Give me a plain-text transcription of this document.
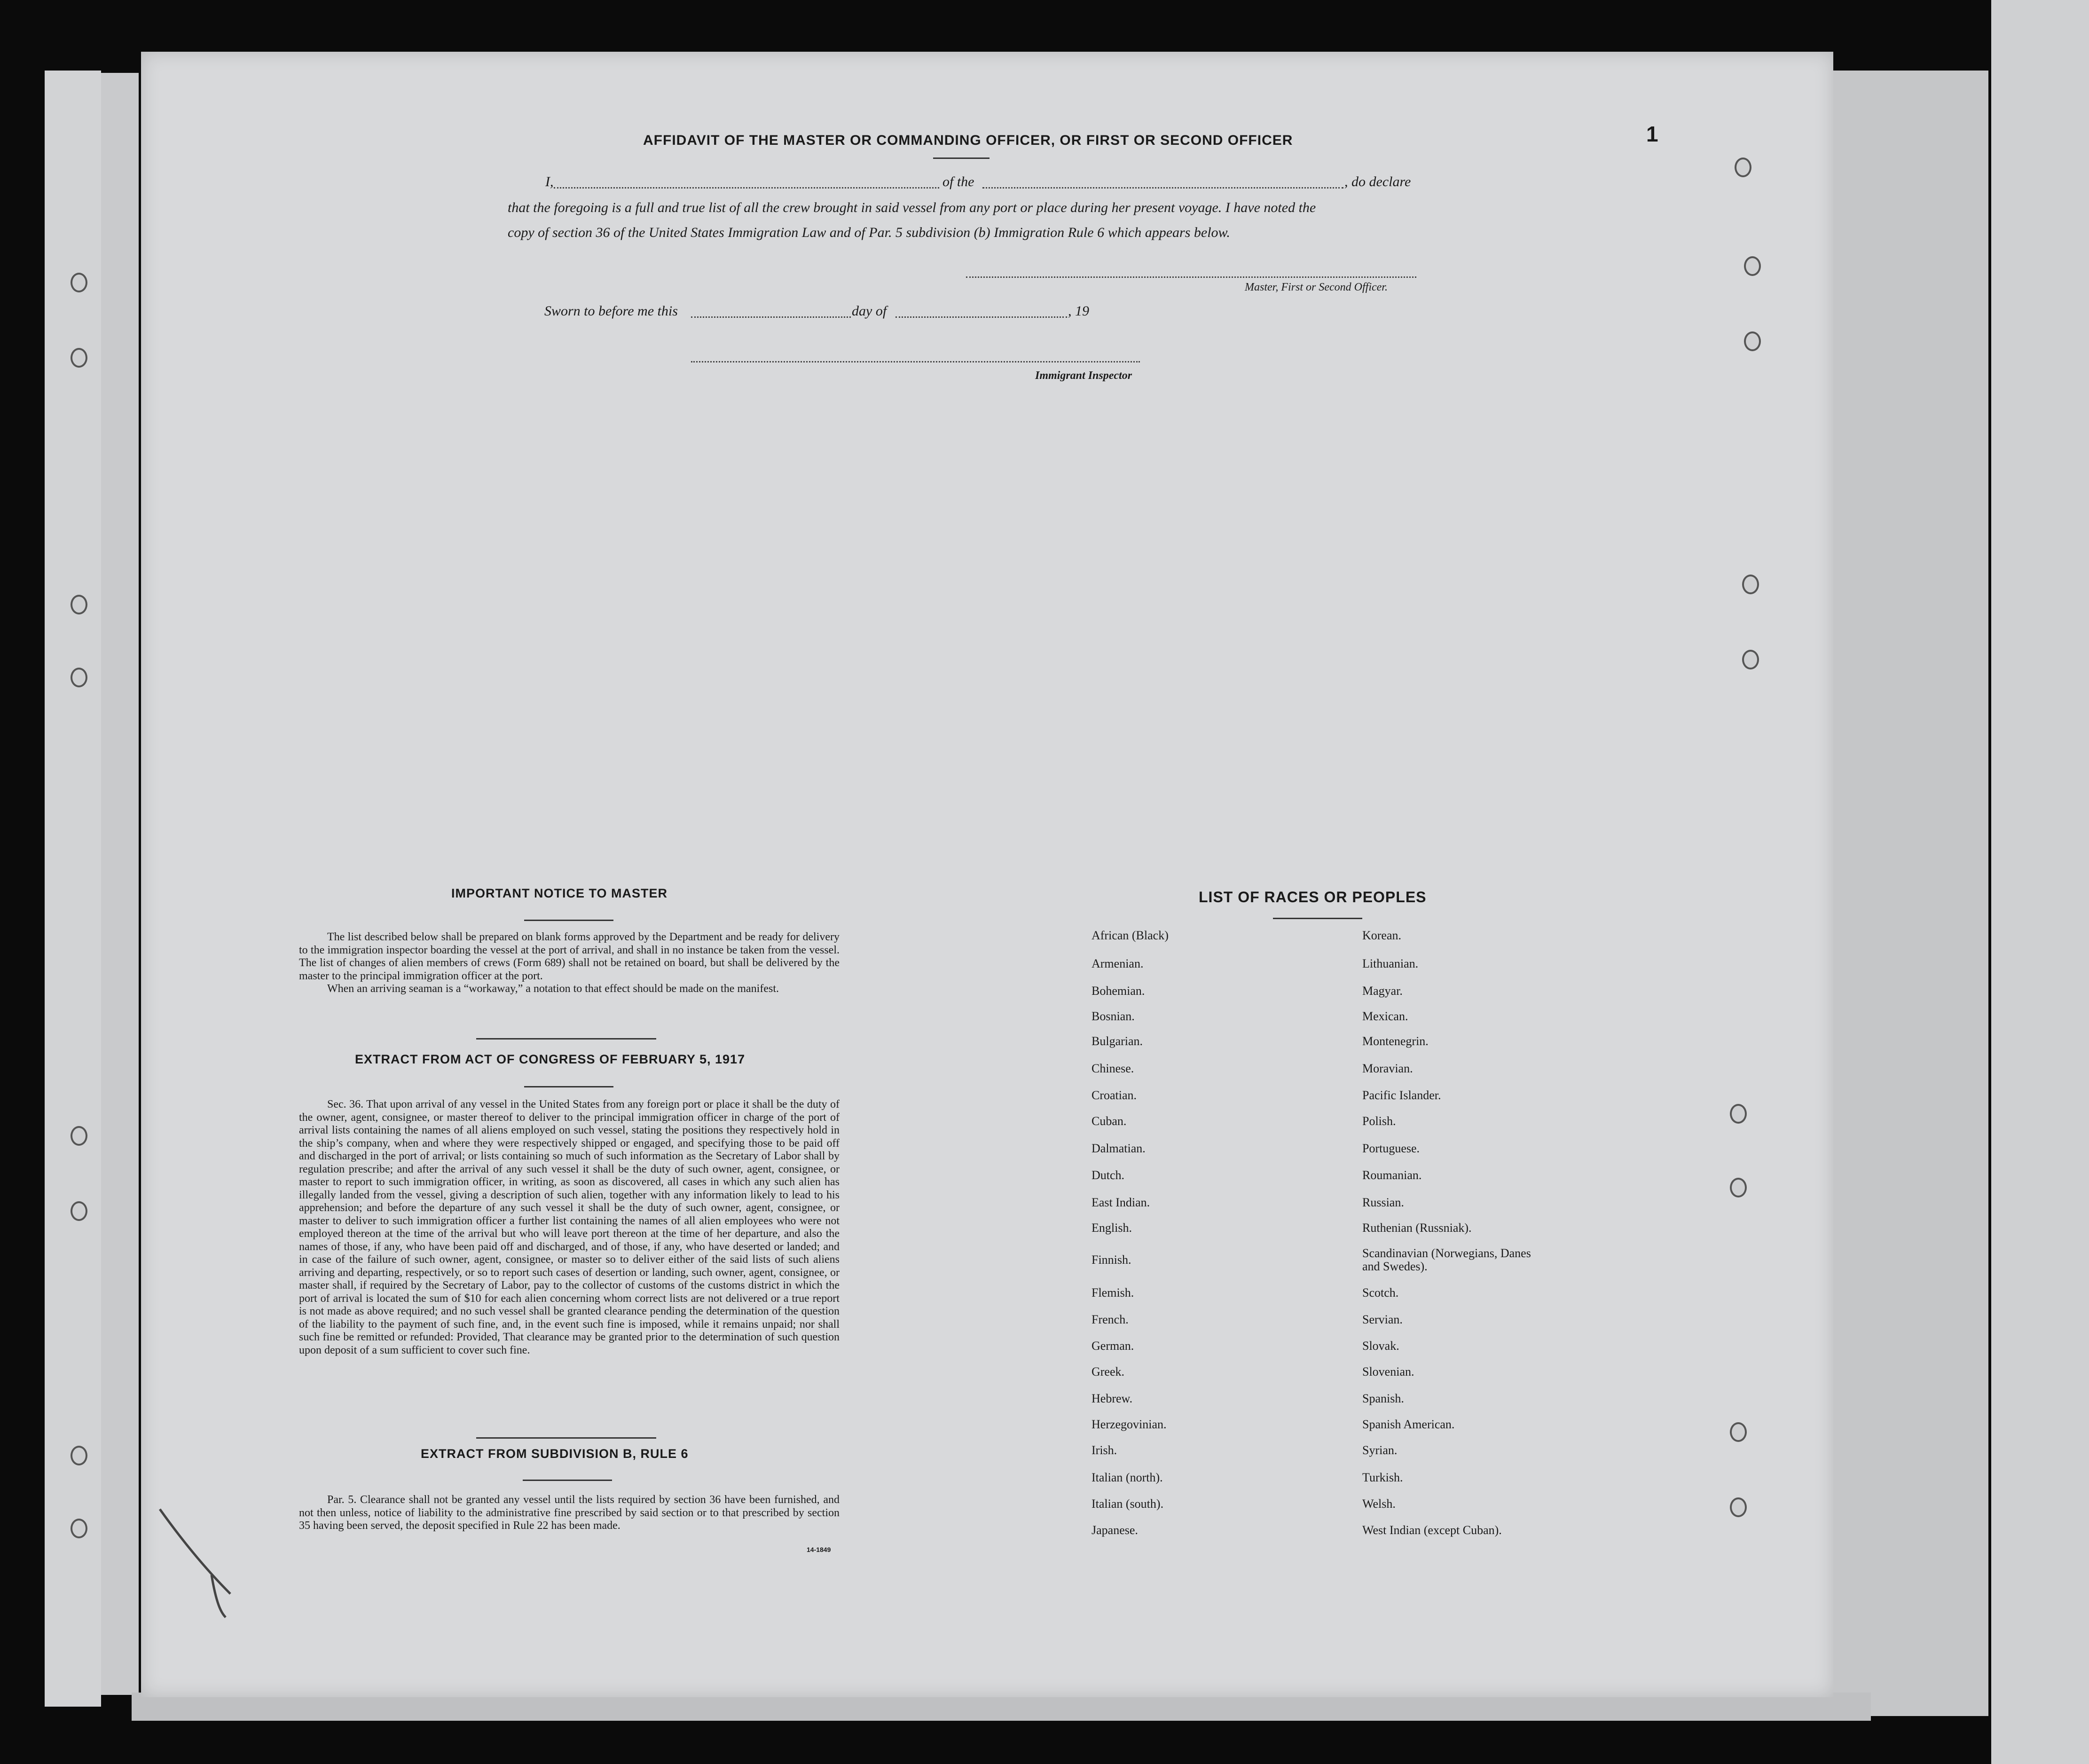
1
AFFIDAVIT OF THE MASTER OR COMMANDING OFFICER, OR FIRST OR SECOND OFFICER
I,	of the	, do declare
that the foregoing is a full and true list of all the crew brought in said vessel from any port or place during her present voyage. I have noted the
copy of section 36 of the United States Immigration Law and of Par. 5 subdivision (b) Immigration Rule 6 which appears below.
Master, First or Second Officer.
Sworn to before me this	day of	, 19
Immigrant Inspector
IMPORTANT NOTICE TO MASTER

The list described below shall be prepared on blank forms approved by the Department and be ready for delivery to the immigration inspector boarding the vessel at the port of arrival, and shall in no instance be taken from the vessel. The list of changes of alien members of crews (Form 689) shall not be retained on board, but shall be delivered by the master to the principal immigration officer at the port.

When an arriving seaman is a “workaway,” a notation to that effect should be made on the manifest.

EXTRACT FROM ACT OF CONGRESS OF FEBRUARY 5, 1917

Sec. 36. That upon arrival of any vessel in the United States from any foreign port or place it shall be the duty of the owner, agent, consignee, or master thereof to deliver to the principal immigration officer in charge of the port of arrival lists containing the names of all aliens employed on such vessel, stating the positions they respectively hold in the ship’s company, when and where they were respectively shipped or engaged, and specifying those to be paid off and discharged in the port of arrival; or lists containing so much of such information as the Secretary of Labor shall by regulation prescribe; and after the arrival of any such vessel it shall be the duty of such owner, agent, consignee, or master to report to such immigration officer, in writing, as soon as discovered, all cases in which any such alien has illegally landed from the vessel, giving a description of such alien, together with any information likely to lead to his apprehension; and before the departure of any such vessel it shall be the duty of such owner, agent, consignee, or master to deliver to such immigration officer a further list containing the names of all alien employees who were not employed thereon at the time of the arrival but who will leave port thereon at the time of her departure, and also the names of those, if any, who have been paid off and discharged, and of those, if any, who have deserted or landed; and in case of the failure of such owner, agent, consignee, or master so to deliver either of the said lists of such aliens arriving and departing, respectively, or so to report such cases of desertion or landing, such owner, agent, consignee, or master shall, if required by the Secretary of Labor, pay to the collector of customs of the customs district in which the port of arrival is located the sum of $10 for each alien concerning whom correct lists are not delivered or a true report is not made as above required; and no such vessel shall be granted clearance pending the determination of the question of the liability to the payment of such fine, and, in the event such fine is imposed, while it remains unpaid; nor shall such fine be remitted or refunded: Provided, That clearance may be granted prior to the determination of such question upon deposit of a sum sufficient to cover such fine.

EXTRACT FROM SUBDIVISION B, RULE 6

Par. 5. Clearance shall not be granted any vessel until the lists required by section 36 have been furnished, and not then unless, notice of liability to the administrative fine prescribed by said section or to that prescribed by section 35 having been served, the deposit specified in Rule 22 has been made.

14-1849
LIST OF RACES OR PEOPLES
African (Black)
Armenian.
Bohemian.
Bosnian.
Bulgarian.
Chinese.
Croatian.
Cuban.
Dalmatian.
Dutch.
East Indian.
English.
Finnish.
Flemish.
French.
German.
Greek.
Hebrew.
Herzegovinian.
Irish.
Italian (north).
Italian (south).
Japanese.
Korean.
Lithuanian.
Magyar.
Mexican.
Montenegrin.
Moravian.
Pacific Islander.
Polish.
Portuguese.
Roumanian.
Russian.
Ruthenian (Russniak).
Scandinavian (Norwegians, Danes and Swedes).
Scotch.
Servian.
Slovak.
Slovenian.
Spanish.
Spanish American.
Syrian.
Turkish.
Welsh.
West Indian (except Cuban).
